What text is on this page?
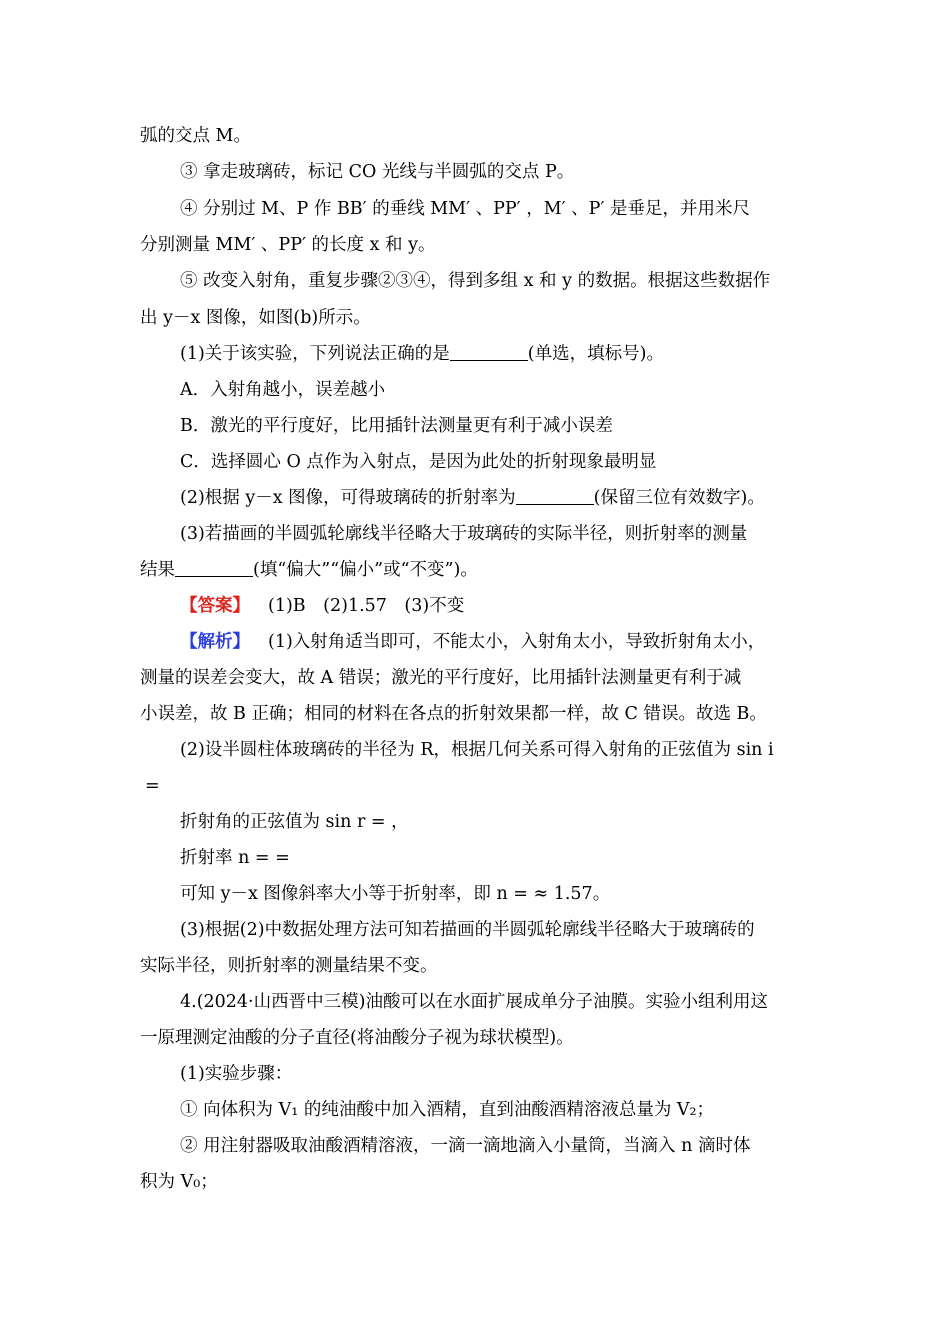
弧的交点 M。
③ 拿走玻璃砖，标记 CO 光线与半圆弧的交点 P。
④ 分别过 M、P 作 BB′ 的垂线 MM′ 、PP′ ，M′ 、P′ 是垂足，并用米尺
分别测量 MM′ 、PP′ 的长度 x 和 y。
⑤ 改变入射角，重复步骤②③④，得到多组 x 和 y 的数据。根据这些数据作
出 y－x 图像，如图(b)所示。
(1)关于该实验，下列说法正确的是	(单选，填标号)。
A．入射角越小，误差越小
B．激光的平行度好，比用插针法测量更有利于减小误差
C．选择圆心 O 点作为入射点，是因为此处的折射现象最明显
(2)根据 y－x 图像，可得玻璃砖的折射率为	(保留三位有效数字)。
(3)若描画的半圆弧轮廓线半径略大于玻璃砖的实际半径，则折射率的测量
结果	(填“偏大”“偏小”或“不变”)。
【答案】 (1)B　(2)1.57　(3)不变
【解析】 (1)入射角适当即可，不能太小，入射角太小，导致折射角太小，
测量的误差会变大，故 A 错误；激光的平行度好，比用插针法测量更有利于减
小误差，故 B 正确；相同的材料在各点的折射效果都一样，故 C 错误。故选 B。
(2)设半圆柱体玻璃砖的半径为 R，根据几何关系可得入射角的正弦值为 sin i
=
折射角的正弦值为 sin r = ，
折射率 n = =
可知 y－x 图像斜率大小等于折射率，即 n = ≈ 1.57。
(3)根据(2)中数据处理方法可知若描画的半圆弧轮廓线半径略大于玻璃砖的
实际半径，则折射率的测量结果不变。
4.(2024·山西晋中三模)油酸可以在水面扩展成单分子油膜。实验小组利用这
一原理测定油酸的分子直径(将油酸分子视为球状模型)。
(1)实验步骤：
① 向体积为 V₁ 的纯油酸中加入酒精，直到油酸酒精溶液总量为 V₂；
② 用注射器吸取油酸酒精溶液，一滴一滴地滴入小量筒，当滴入 n 滴时体
积为 V₀；
